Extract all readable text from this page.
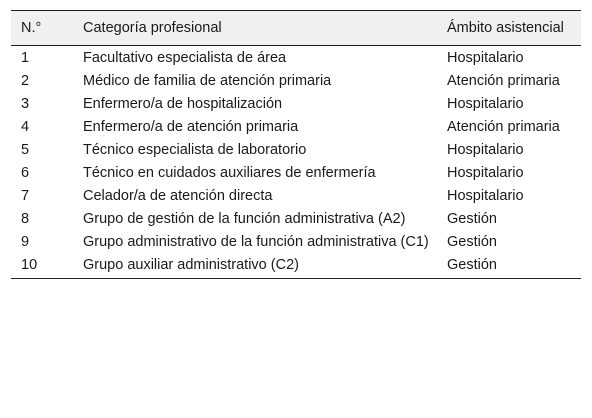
N.°	Categoría profesional	Ámbito asistencial
1	Facultativo especialista de área	Hospitalario
2	Médico de familia de atención primaria	Atención primaria
3	Enfermero/a de hospitalización	Hospitalario
4	Enfermero/a de atención primaria	Atención primaria
5	Técnico especialista de laboratorio	Hospitalario
6	Técnico en cuidados auxiliares de enfermería	Hospitalario
7	Celador/a de atención directa	Hospitalario
8	Grupo de gestión de la función administrativa (A2)	Gestión
9	Grupo administrativo de la función administrativa (C1)	Gestión
10	Grupo auxiliar administrativo (C2)	Gestión
